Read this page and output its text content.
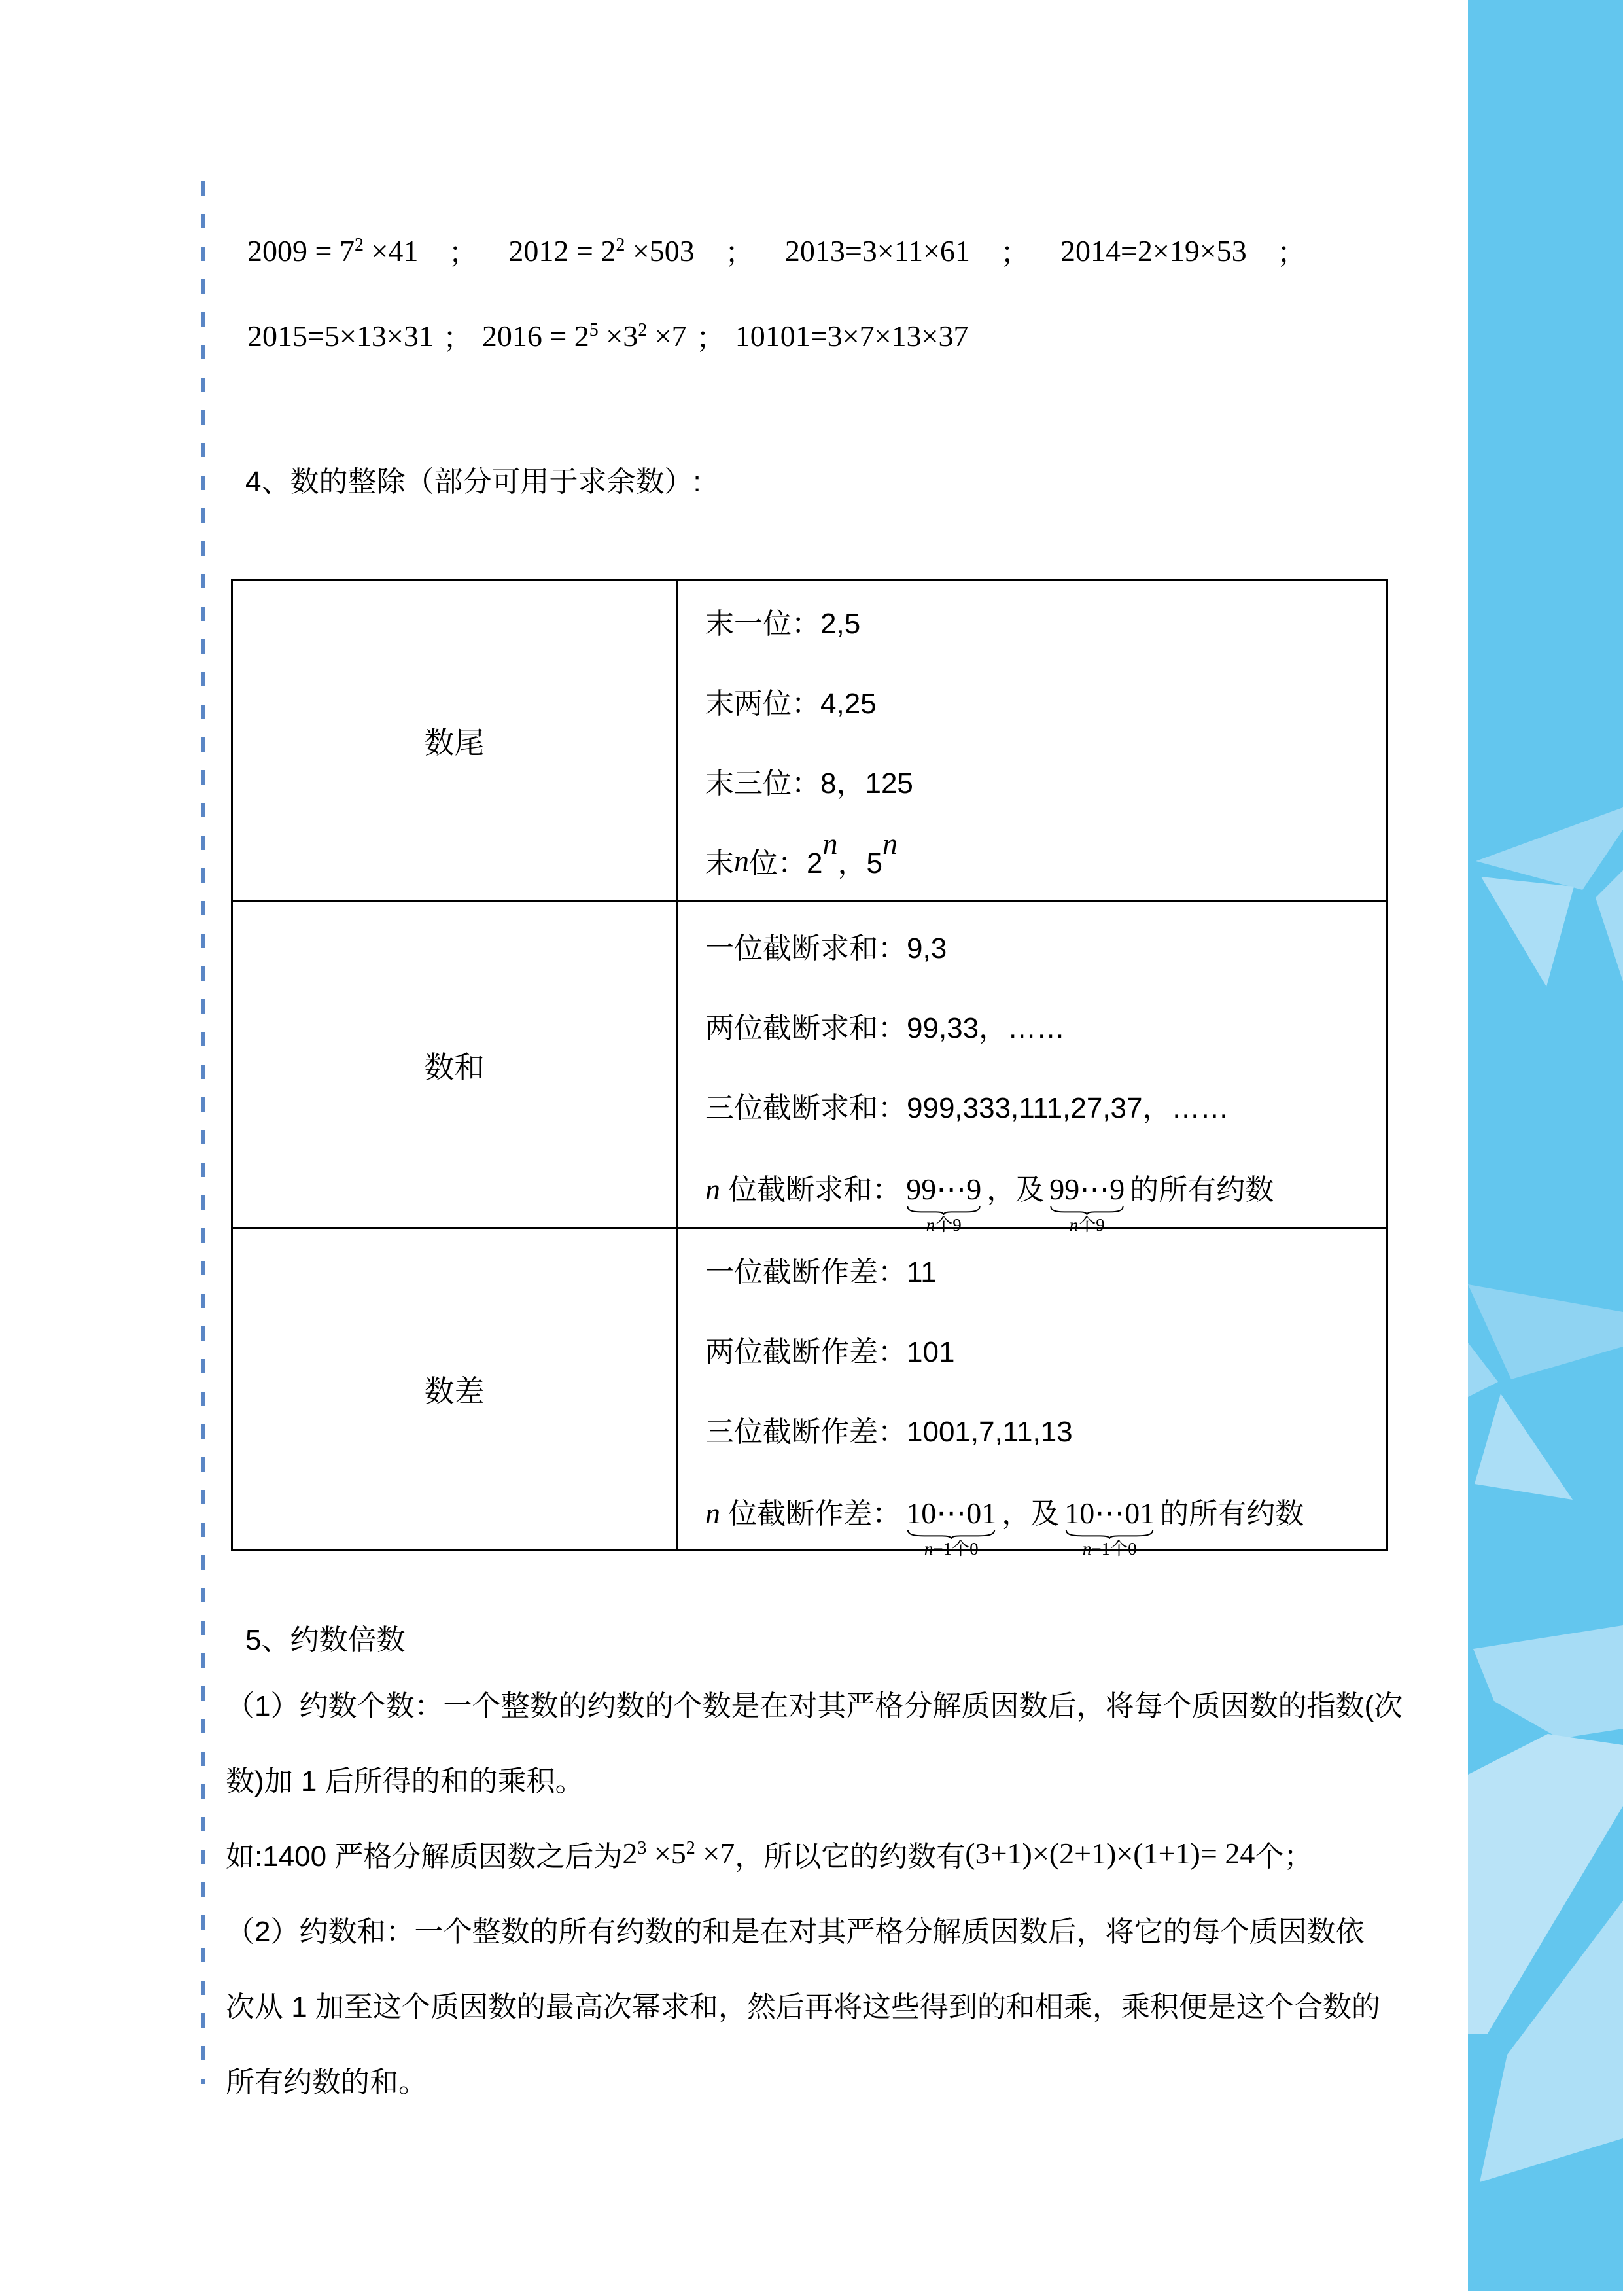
$2009 = 7^2 \times 41$ ； $2012 = 2^2 \times 503$ ； 2013=3×11×61 ； 2014=2×19×53 ；
2015=5×13×31 ； $2016 = 2^5 \times 3^2 \times 7$ ； 10101=3×7×13×37
4、数的整除（部分可用于求余数）:
数尾	
末一位：2,5
末两位：4,25
末三位：8，125
末 n 位：2
n
，5
n

数和	
一位截断求和：9,3
两位截断求和：99,33，……
三位截断求和：999,333,111,27,37，……
n 位截断求和： 99⋯9
n个9
，及 99⋯9
n个9
的所有约数

数差	
一位截断作差：11
两位截断作差：101
三位截断作差：1001,7,11,13
n 位截断作差： 10⋯01
n−1个0
，及 10⋯01
n−1个0
的所有约数
5、约数倍数
（1）约数个数：一个整数的约数的个数是在对其严格分解质因数后，将每个质因数的指数(次
数)加 1 后所得的和的乘积。
如:1400 严格分解质因数之后为 $2^3 \times 5^2 \times 7$ ，所以它的约数有 (3+1)×(2+1)×(1+1)= 24 个；
（2）约数和：一个整数的所有约数的和是在对其严格分解质因数后，将它的每个质因数依
次从 1 加至这个质因数的最高次幂求和，然后再将这些得到的和相乘，乘积便是这个合数的
所有约数的和。
